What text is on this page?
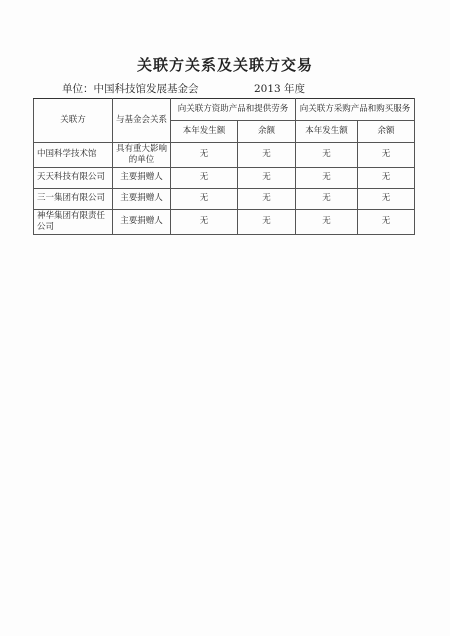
关联方关系及关联方交易
单位：中国科技馆发展基金会	2013 年度
关联方	与基金会关系	向关联方资助产品和提供劳务		向关联方采购产品和购买服务	
		本年发生额	余额	本年发生额	余额
中国科学技术馆	具有重大影响的单位	无	无	无	无
天天科技有限公司	主要捐赠人	无	无	无	无
三一集团有限公司	主要捐赠人	无	无	无	无
神华集团有限责任公司	主要捐赠人	无	无	无	无
